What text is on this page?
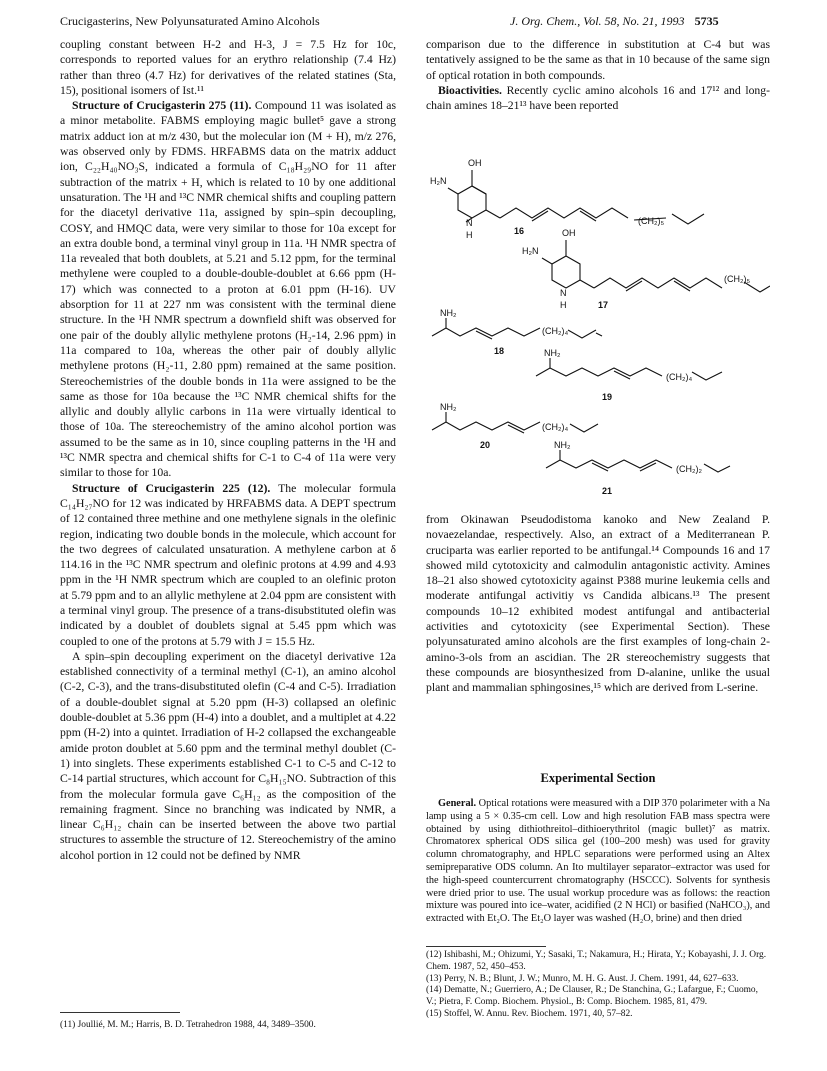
Crucigasterins, New Polyunsaturated Amino Alcohols	J. Org. Chem., Vol. 58, No. 21, 1993 5735

coupling constant between H-2 and H-3, J = 7.5 Hz for 10c, corresponds to reported values for an erythro relationship (7.4 Hz) rather than threo (4.7 Hz) for derivatives of the related statines (Sta, 15), positional isomers of Ist.¹¹

Structure of Crucigasterin 275 (11). Compound 11 was isolated as a minor metabolite. FABMS employing magic bullet⁵ gave a strong matrix adduct ion at m/z 430, but the molecular ion (M + H), m/z 276, was observed only by FDMS. HRFABMS data on the matrix adduct ion, C₂₂H₄₀NO₃S, indicated a formula of C₁₈H₂₉NO for 11 after subtraction of the matrix + H, which is related to 10 by one additional unsaturation. The ¹H and ¹³C NMR chemical shifts and coupling pattern for the diacetyl derivative 11a, assigned by spin–spin decoupling, COSY, and HMQC data, were very similar to those for 10a except for an extra double bond, a terminal vinyl group in 11a. ¹H NMR spectra of 11a revealed that both doublets, at 5.21 and 5.12 ppm, for the terminal methylene were coupled to a double-double-doublet at 6.66 ppm (H-17) which was connected to a proton at 6.01 ppm (H-16). UV absorption for 11 at 227 nm was consistent with the terminal diene structure. In the ¹H NMR spectrum a downfield shift was observed for one pair of the doubly allylic methylene protons (H₂-14, 2.96 ppm) in 11a compared to 10a, whereas the other pair of doubly allylic methylene protons (H₂-11, 2.80 ppm) remained at the same position. Stereochemistries of the double bonds in 11a were assigned to be the same as those for 10a because the ¹³C NMR chemical shifts for the allylic and doubly allylic carbons in 11a were virtually identical to those of 10a. The stereochemistry of the amino alcohol portion was assumed to be the same as in 10, since coupling patterns in the ¹H and ¹³C NMR spectra and chemical shifts for C-1 to C-4 of 11a were very similar to those for 10a.

Structure of Crucigasterin 225 (12). The molecular formula C₁₄H₂₇NO for 12 was indicated by HRFABMS data. A DEPT spectrum of 12 contained three methine and one methylene signals in the olefinic region, indicating two double bonds in the molecule, which account for the two degrees of calculated unsaturation. A methylene carbon at δ 114.16 in the ¹³C NMR spectrum and olefinic protons at 4.99 and 4.93 ppm in the ¹H NMR spectrum which are coupled to an olefinic proton at 5.79 ppm and to an allylic methylene at 2.04 ppm are consistent with a terminal vinyl group. The presence of a trans-disubstituted olefin was indicated by a doublet of doublets signal at 5.45 ppm which was coupled to one of the protons at 5.79 with J = 15.5 Hz.

A spin–spin decoupling experiment on the diacetyl derivative 12a established connectivity of a terminal methyl (C-1), an amino alcohol (C-2, C-3), and the trans-disubstituted olefin (C-4 and C-5). Irradiation of a double-doublet signal at 5.20 ppm (H-3) collapsed an olefinic double-doublet at 5.36 ppm (H-4) into a doublet, and a multiplet at 4.22 ppm (H-2) into a quintet. Irradiation of H-2 collapsed the exchangeable amide proton doublet at 5.60 ppm and the terminal methyl doublet (C-1) into singlets. These experiments established C-1 to C-5 and C-12 to C-14 partial structures, which account for C₈H₁₅NO. Subtraction of this from the molecular formula gave C₆H₁₂ as the composition of the remaining fragment. Since no branching was indicated by NMR, a linear C₆H₁₂ chain can be inserted between the above two partial structures to assemble the structure of 12. Stereochemistry of the amino alcohol portion in 12 could not be defined by NMR

(11) Joullié, M. M.; Harris, B. D. Tetrahedron 1988, 44, 3489–3500.

comparison due to the difference in substitution at C-4 but was tentatively assigned to be the same as that in 10 because of the same sign of optical rotation in both compounds.

Bioactivities. Recently cyclic amino alcohols 16 and 17¹² and long-chain amines 18–21¹³ have been reported

OH
H₂N
N
H
(CH₂)₅
16	OH
H₂N
N
H
(CH₂)₅
17
NH₂
(CH₂)₄
18	NH₂
(CH₂)₄
19
NH₂
(CH₂)₄
20	NH₂
(CH₂)₂
21

from Okinawan Pseudodistoma kanoko and New Zealand P. novaezelandae, respectively. Also, an extract of a Mediterranean P. cruciparta was earlier reported to be antifungal.¹⁴ Compounds 16 and 17 showed mild cytotoxicity and calmodulin antagonistic activity. Amines 18–21 also showed cytotoxicity against P388 murine leukemia cells and moderate antifungal activitiy vs Candida albicans.¹³ The present compounds 10–12 exhibited modest antifungal and antibacterial activities and cytotoxicity (see Experimental Section). These polyunsaturated amino alcohols are the first examples of long-chain 2-amino-3-ols from an ascidian. The 2R stereochemistry suggests that these compounds are biosynthesized from D-alanine, unlike the usual plant and mammalian sphingosines,¹⁵ which are derived from L-serine.

Experimental Section

General. Optical rotations were measured with a DIP 370 polarimeter with a Na lamp using a 5 × 0.35-cm cell. Low and high resolution FAB mass spectra were obtained by using dithiothreitol–dithioerythritol (magic bullet)⁷ as matrix. Chromatorex spherical ODS silica gel (100–200 mesh) was used for gravity column chromatography, and HPLC separations were performed using an Altex semipreparative ODS column. An Ito multilayer separator–extractor was used for the high-speed countercurrent chromatography (HSCCC). Solvents for synthesis were dried prior to use. The usual workup procedure was as follows: the reaction mixture was poured into ice–water, acidified (2 N HCl) or basified (NaHCO₃), and extracted with Et₂O. The Et₂O layer was washed (H₂O, brine) and then dried

(12) Ishibashi, M.; Ohizumi, Y.; Sasaki, T.; Nakamura, H.; Hirata, Y.; Kobayashi, J. J. Org. Chem. 1987, 52, 450–453.

(13) Perry, N. B.; Blunt, J. W.; Munro, M. H. G. Aust. J. Chem. 1991, 44, 627–633.

(14) Dematte, N.; Guerriero, A.; De Clauser, R.; De Stanchina, G.; Lafargue, F.; Cuomo, V.; Pietra, F. Comp. Biochem. Physiol., B: Comp. Biochem. 1985, 81, 479.

(15) Stoffel, W. Annu. Rev. Biochem. 1971, 40, 57–82.
